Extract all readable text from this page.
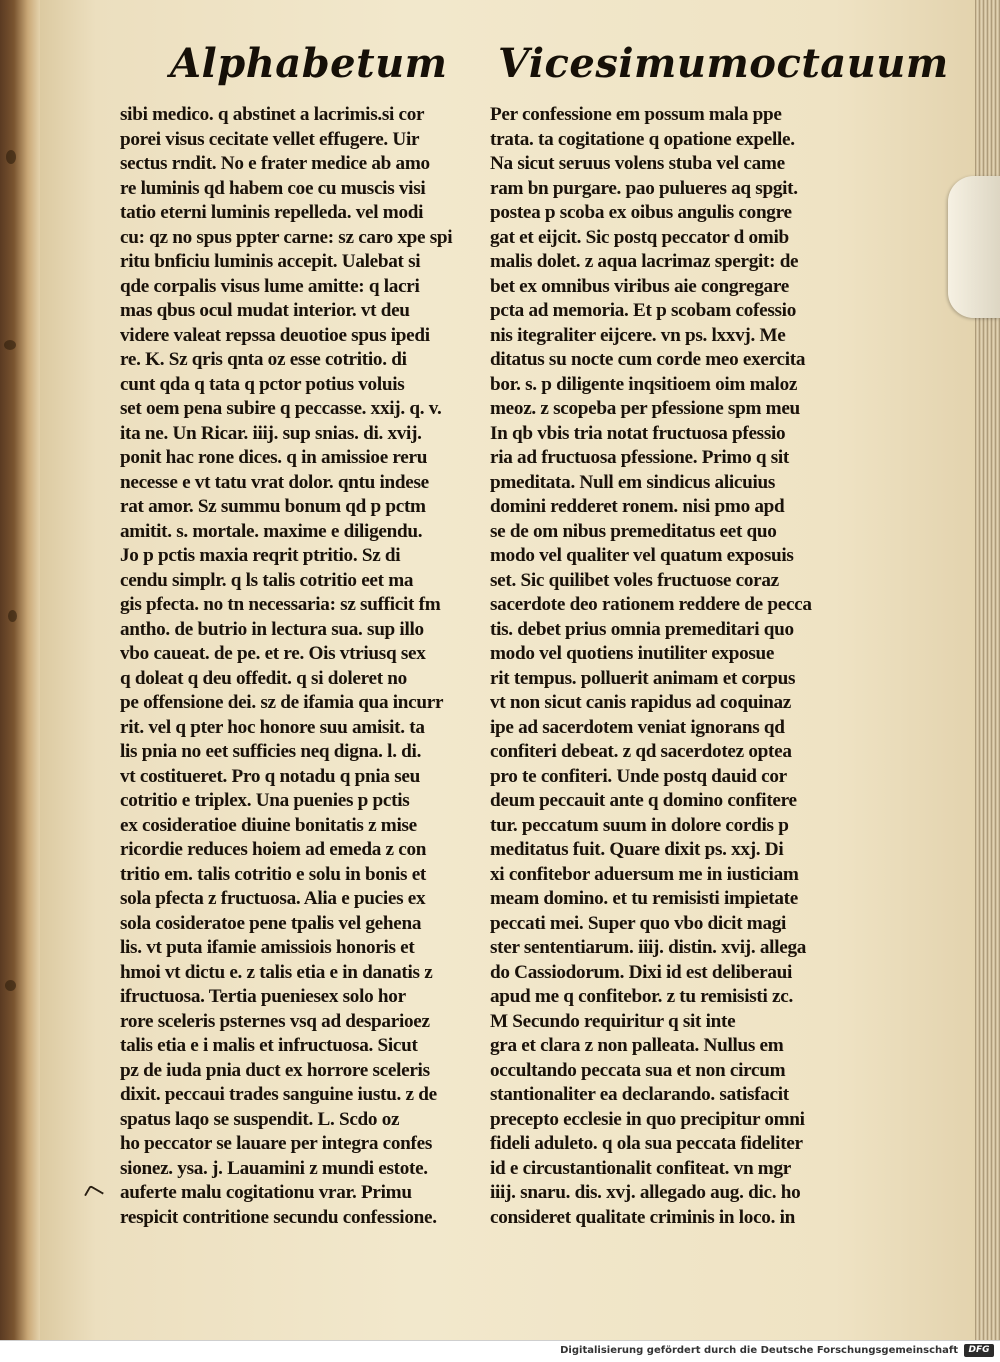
Alphabetum Vicesimumoctauum
sibi medico. q abstinet a lacrimis.si cor
porei visus cecitate vellet effugere. Uir
sectus rndit. No e frater medice ab amo
re luminis qd habem coe cu muscis visi
tatio eterni luminis repelleda. vel modi
cu: qz no spus ppter carne: sz caro xpe spi
ritu bnficiu luminis accepit. Ualebat si
qde corpalis visus lume amitte: q lacri
mas qbus ocul mudat interior. vt deu
videre valeat repssa deuotioe spus ipedi
re. K. Sz qris qnta oz esse cotritio. di
cunt qda q tata q pctor potius voluis
set oem pena subire q peccasse. xxij. q. v.
ita ne. Un Ricar. iiij. sup snias. di. xvij.
ponit hac rone dices. q in amissioe reru
necesse e vt tatu vrat dolor. qntu indese
rat amor. Sz summu bonum qd p pctm
amitit. s. mortale. maxime e diligendu.
Jo p pctis maxia reqrit ptritio. Sz di
cendu simplr. q ls talis cotritio eet ma
gis pfecta. no tn necessaria: sz sufficit fm
antho. de butrio in lectura sua. sup illo
vbo caueat. de pe. et re. Ois vtriusq sex
q doleat q deu offedit. q si doleret no
pe offensione dei. sz de ifamia qua incurr
rit. vel q pter hoc honore suu amisit. ta
lis pnia no eet sufficies neq digna. l. di.
vt costitueret. Pro q notadu q pnia seu
cotritio e triplex. Una puenies p pctis
ex cosideratioe diuine bonitatis z mise
ricordie reduces hoiem ad emeda z con
tritio em. talis cotritio e solu in bonis et
sola pfecta z fructuosa. Alia e pucies ex
sola cosideratoe pene tpalis vel gehena
lis. vt puta ifamie amissiois honoris et
hmoi vt dictu e. z talis etia e in danatis z
ifructuosa. Tertia pueniesex solo hor
rore sceleris psternes vsq ad desparioez
talis etia e i malis et infructuosa. Sicut
pz de iuda pnia duct ex horrore sceleris
dixit. peccaui trades sanguine iustu. z de
spatus laqo se suspendit. L. Scdo oz
ho peccator se lauare per integra confes
sionez. ysa. j. Lauamini z mundi estote.
auferte malu cogitationu vrar. Primu
respicit contritione secundu confessione.
Per confessione em possum mala ppe
trata. ta cogitatione q opatione expelle.
Na sicut seruus volens stuba vel came
ram bn purgare. pao pulueres aq spgit.
postea p scoba ex oibus angulis congre
gat et eijcit. Sic postq peccator d omib
malis dolet. z aqua lacrimaz spergit: de
bet ex omnibus viribus aie congregare
pcta ad memoria. Et p scobam cofessio
nis itegraliter eijcere. vn ps. lxxvj. Me
ditatus su nocte cum corde meo exercita
bor. s. p diligente inqsitioem oim maloz
meoz. z scopeba per pfessione spm meu
In qb vbis tria notat fructuosa pfessio
ria ad fructuosa pfessione. Primo q sit
pmeditata. Null em sindicus alicuius
domini redderet ronem. nisi pmo apd
se de om nibus premeditatus eet quo
modo vel qualiter vel quatum exposuis
set. Sic quilibet voles fructuose coraz
sacerdote deo rationem reddere de pecca
tis. debet prius omnia premeditari quo
modo vel quotiens inutiliter exposue
rit tempus. polluerit animam et corpus
vt non sicut canis rapidus ad coquinaz
ipe ad sacerdotem veniat ignorans qd
confiteri debeat. z qd sacerdotez optea
pro te confiteri. Unde postq dauid cor
deum peccauit ante q domino confitere
tur. peccatum suum in dolore cordis p
meditatus fuit. Quare dixit ps. xxj. Di
xi confitebor aduersum me in iusticiam
meam domino. et tu remisisti impietate
peccati mei. Super quo vbo dicit magi
ster sententiarum. iiij. distin. xvij. allega
do Cassiodorum. Dixi id est deliberaui
apud me q confitebor. z tu remisisti zc.
M Secundo requiritur q sit inte
gra et clara z non palleata. Nullus em
occultando peccata sua et non circum
stantionaliter ea declarando. satisfacit
precepto ecclesie in quo precipitur omni
fideli aduleto. q ola sua peccata fideliter
id e circustantionalit confiteat. vn mgr
iiij. snaru. dis. xvj. allegado aug. dic. ho
consideret qualitate criminis in loco. in
Digitalisierung gefördert durch die Deutsche Forschungsgemeinschaft	DFG
